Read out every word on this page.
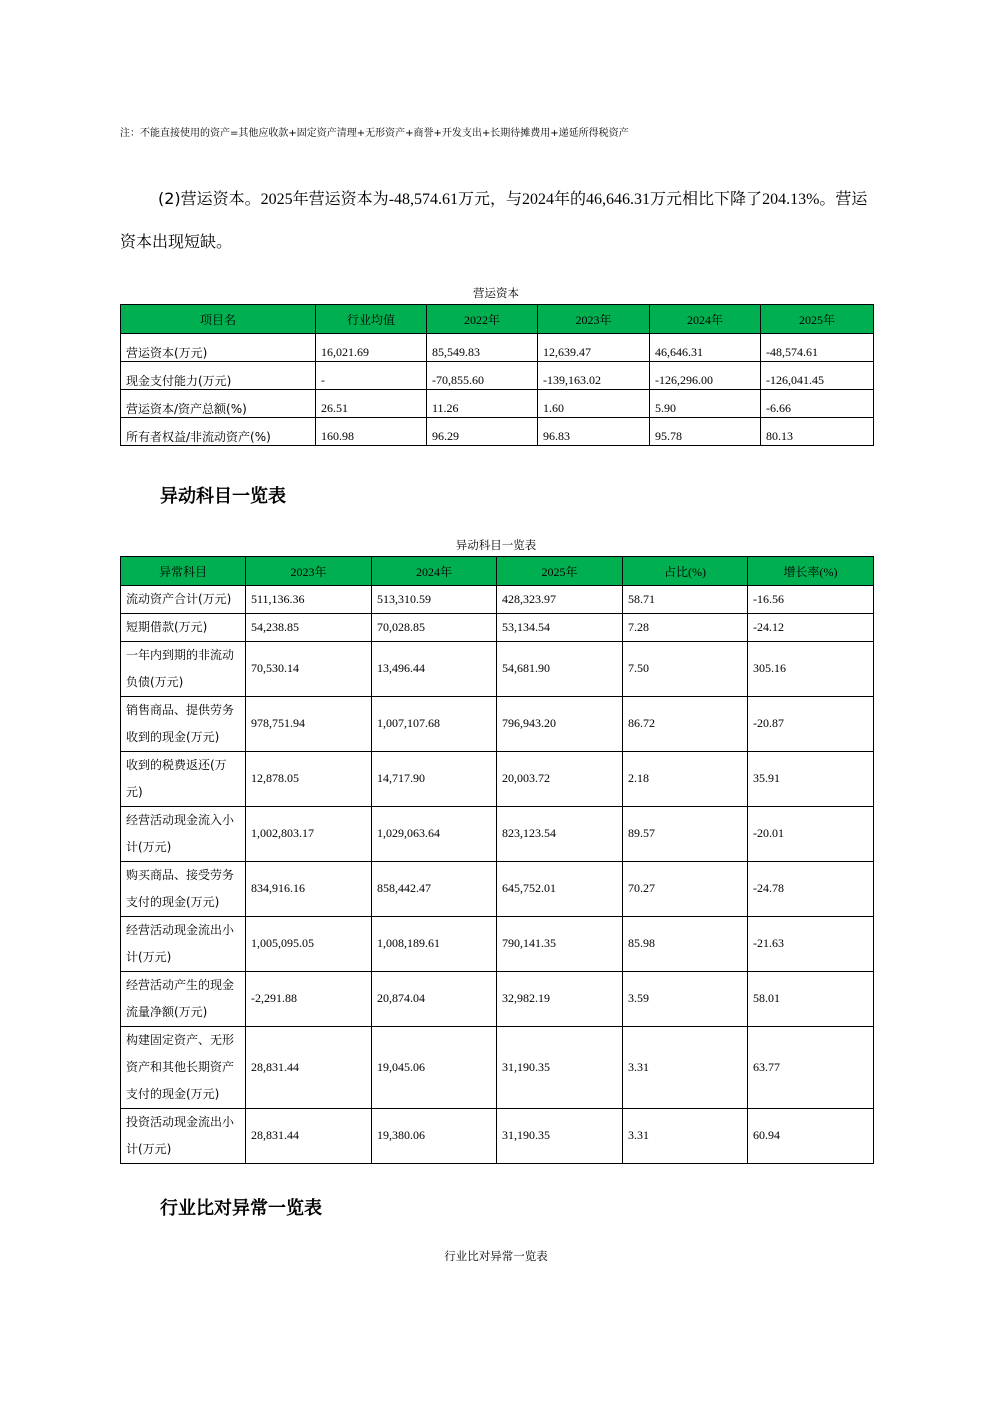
注：不能直接使用的资产=其他应收款+固定资产清理+无形资产+商誉+开发支出+长期待摊费用+递延所得税资产
(2)营运资本。2025年营运资本为-48,574.61万元，与2024年的46,646.31万元相比下降了204.13%。营运资本出现短缺。
营运资本
项目名	行业均值	2022年	2023年	2024年	2025年
营运资本(万元)	16,021.69	85,549.83	12,639.47	46,646.31	-48,574.61
现金支付能力(万元)	-	-70,855.60	-139,163.02	-126,296.00	-126,041.45
营运资本/资产总额(%)	26.51	11.26	1.60	5.90	-6.66
所有者权益/非流动资产(%)	160.98	96.29	96.83	95.78	80.13
异动科目一览表
异动科目一览表
异常科目	2023年	2024年	2025年	占比(%)	增长率(%)
流动资产合计(万元)	511,136.36	513,310.59	428,323.97	58.71	-16.56
短期借款(万元)	54,238.85	70,028.85	53,134.54	7.28	-24.12
一年内到期的非流动负债(万元)	70,530.14	13,496.44	54,681.90	7.50	305.16
销售商品、提供劳务收到的现金(万元)	978,751.94	1,007,107.68	796,943.20	86.72	-20.87
收到的税费返还(万元)	12,878.05	14,717.90	20,003.72	2.18	35.91
经营活动现金流入小计(万元)	1,002,803.17	1,029,063.64	823,123.54	89.57	-20.01
购买商品、接受劳务支付的现金(万元)	834,916.16	858,442.47	645,752.01	70.27	-24.78
经营活动现金流出小计(万元)	1,005,095.05	1,008,189.61	790,141.35	85.98	-21.63
经营活动产生的现金流量净额(万元)	-2,291.88	20,874.04	32,982.19	3.59	58.01
构建固定资产、无形资产和其他长期资产支付的现金(万元)	28,831.44	19,045.06	31,190.35	3.31	63.77
投资活动现金流出小计(万元)	28,831.44	19,380.06	31,190.35	3.31	60.94
行业比对异常一览表
行业比对异常一览表
